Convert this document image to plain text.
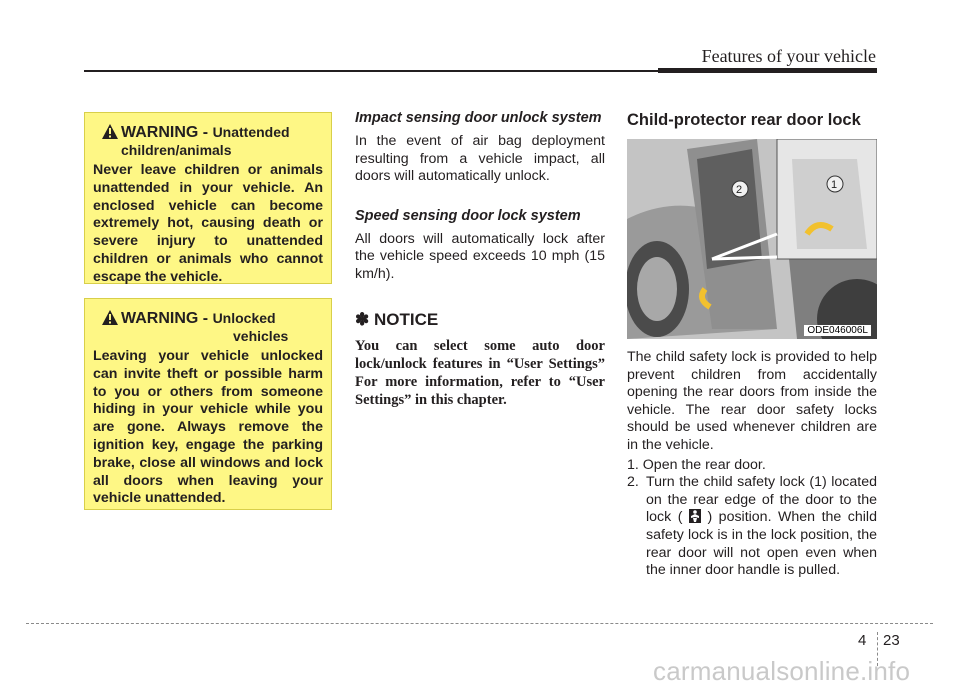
Features of your vehicle
WARNING - Unattended
children/animals
Never leave children or animals unattended in your vehicle. An enclosed vehicle can become extremely hot, causing death or severe injury to unattended children or animals who cannot escape the vehicle.
WARNING - Unlocked
vehicles
Leaving your vehicle unlocked can invite theft or possible harm to you or others from someone hiding in your vehicle while you are gone. Always remove the ignition key, engage the parking brake, close all windows and lock all doors when leaving your vehicle unattended.
Impact sensing door unlock system
In the event of air bag deployment resulting from a vehicle impact, all doors will automatically unlock.
Speed sensing door lock system
All doors will automatically lock after the vehicle speed exceeds 10 mph (15 km/h).
✽ NOTICE
You can select some auto door lock/unlock features in “User Settings” For more information, refer to “User Settings” in this chapter.
Child-protector rear door lock
2	1
ODE046006L
The child safety lock is provided to help prevent children from accidentally opening the rear doors from inside the vehicle. The rear door safety locks should be used whenever children are in the vehicle.
1. Open the rear door.
2. Turn the child safety lock (1) located on the rear edge of the door to the lock ( ) position. When the child safety lock is in the lock position, the rear door will not open even when the inner door handle is pulled.
4 23
carmanualsonline.info
